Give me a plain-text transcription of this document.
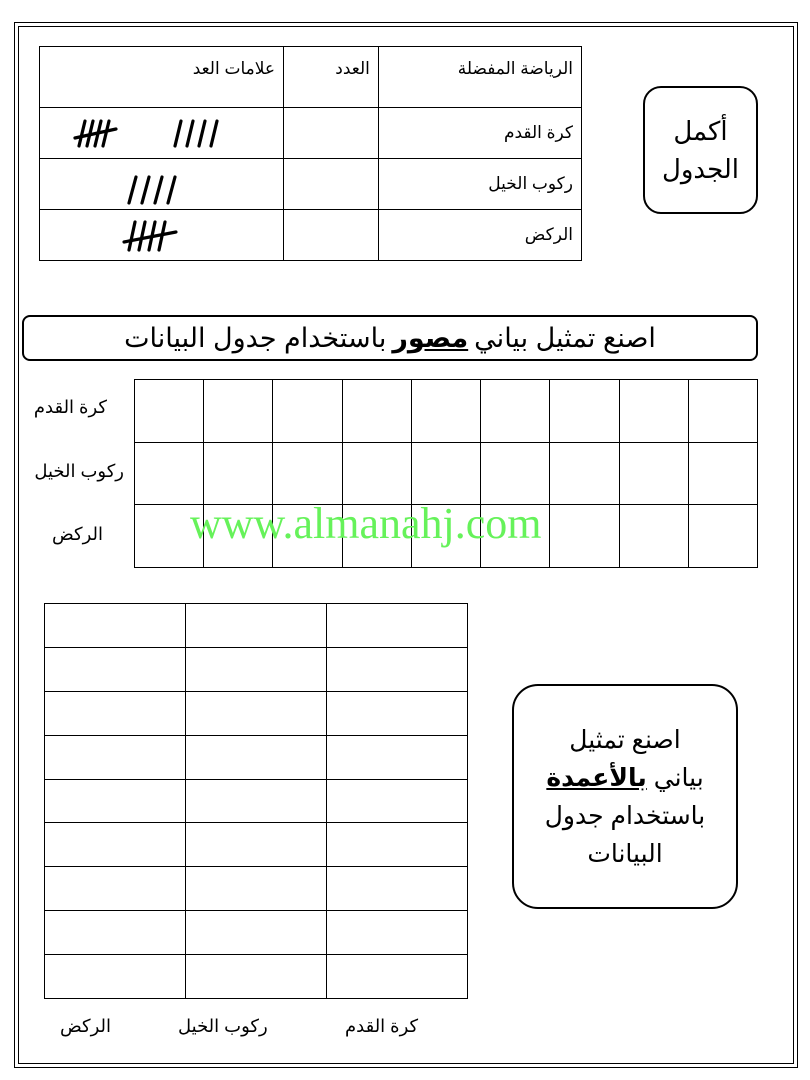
الرياضة المفضلة	العدد	علامات العد
كرة القدم		

ركوب الخيل		

الركض		
أكمل
الجدول
اصنع تمثيل بياني
مصور
باستخدام جدول البيانات

كرة القدم
ركوب الخيل
الركض www.almanahj.com

الركض	ركوب الخيل	كرة القدم
اصنع تمثيل
بياني بالأعمدة
باستخدام جدول
البيانات
